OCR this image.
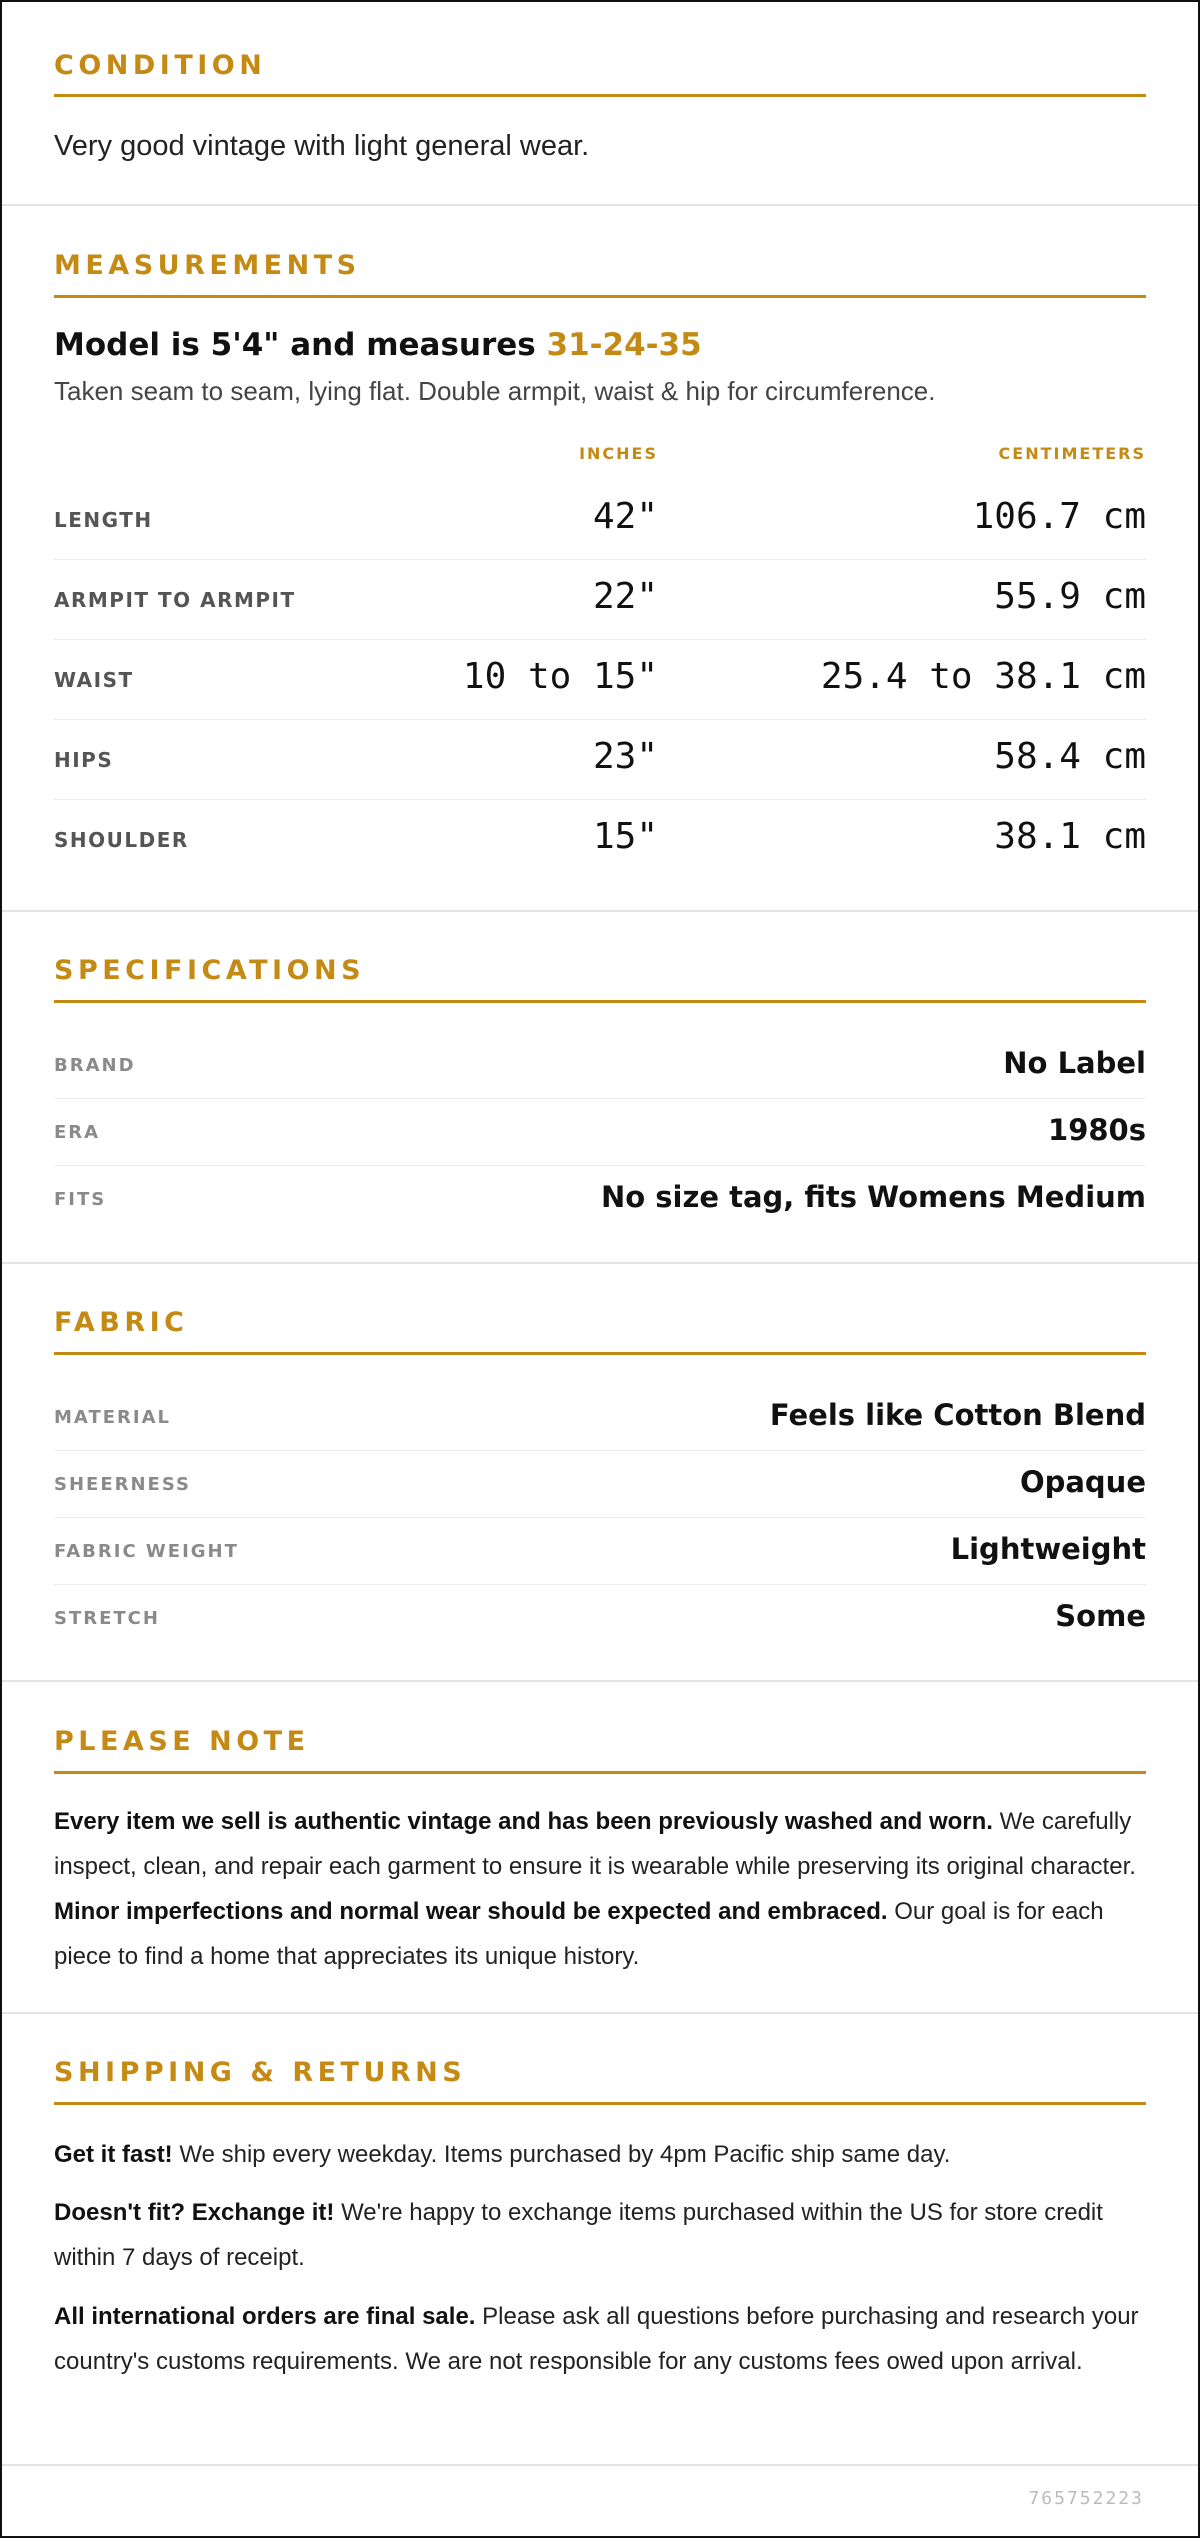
CONDITION
Very good vintage with light general wear.
MEASUREMENTS
Model is 5'4" and measures 31-24-35
Taken seam to seam, lying flat. Double armpit, waist & hip for circumference.
INCHES	CENTIMETERS
LENGTH	42"	106.7 cm
ARMPIT TO ARMPIT	22"	55.9 cm
WAIST	10 to 15"	25.4 to 38.1 cm
HIPS	23"	58.4 cm
SHOULDER	15"	38.1 cm
SPECIFICATIONS
BRAND	No Label
ERA	1980s
FITS	No size tag, fits Womens Medium
FABRIC
MATERIAL	Feels like Cotton Blend
SHEERNESS	Opaque
FABRIC WEIGHT	Lightweight
STRETCH	Some
PLEASE NOTE
Every item we sell is authentic vintage and has been previously washed and worn. We carefully inspect, clean, and repair each garment to ensure it is wearable while preserving its original character. Minor imperfections and normal wear should be expected and embraced. Our goal is for each piece to find a home that appreciates its unique history.
SHIPPING & RETURNS
Get it fast! We ship every weekday. Items purchased by 4pm Pacific ship same day.
Doesn't fit? Exchange it! We're happy to exchange items purchased within the US for store credit within 7 days of receipt.
All international orders are final sale. Please ask all questions before purchasing and research your country's customs requirements. We are not responsible for any customs fees owed upon arrival.
765752223
